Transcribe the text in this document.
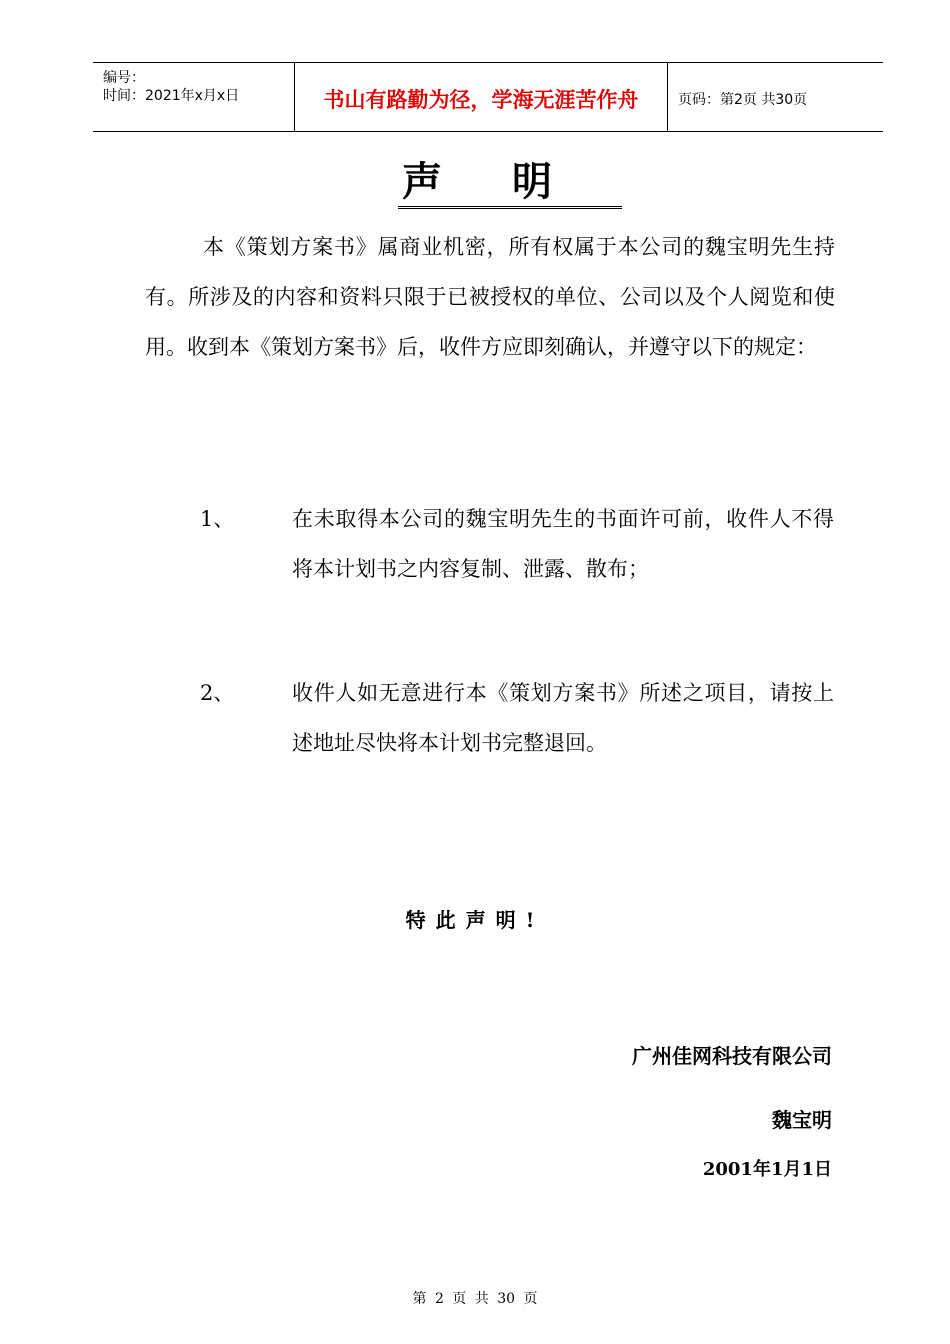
编号：
时间：2021年x月x日	书山有路勤为径，学海无涯苦作舟	页码：第2页 共30页
声明
本《策划方案书》属商业机密，所有权属于本公司的魏宝明先生持有。所涉及的内容和资料只限于已被授权的单位、公司以及个人阅览和使用。收到本《策划方案书》后，收件方应即刻确认，并遵守以下的规定：
1、	在未取得本公司的魏宝明先生的书面许可前，收件人不得将本计划书之内容复制、泄露、散布；
2、	收件人如无意进行本《策划方案书》所述之项目，请按上述地址尽快将本计划书完整退回。
特此声明!
广州佳网科技有限公司
魏宝明
2001年1月1日
第 2 页 共 30 页
